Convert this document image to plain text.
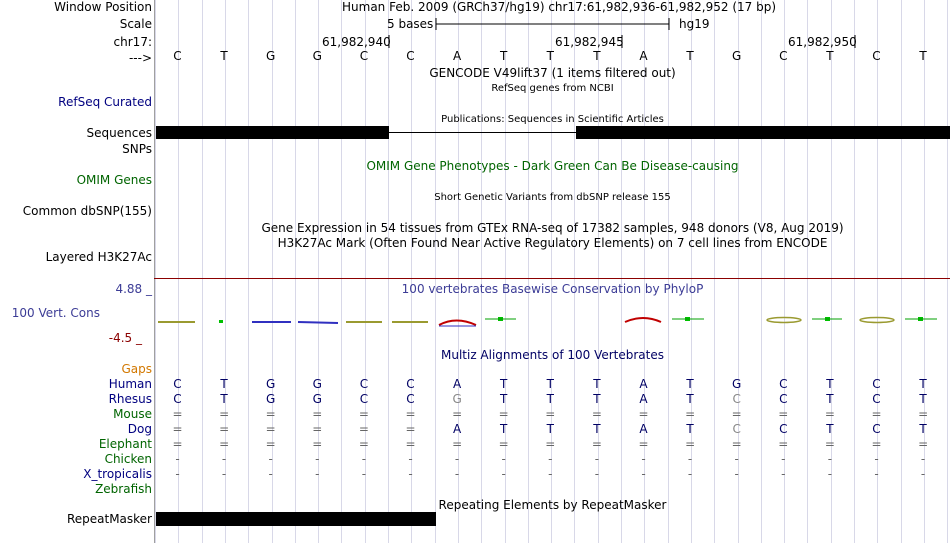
Window Position	Human Feb. 2009 (GRCh37/hg19) chr17:61,982,936-61,982,952 (17 bp)
Scale	5 bases	hg19
chr17:	61,982,940	61,982,945	61,982,950
--->	C	T	G	G	C	C	A	T	T	T	A	T	G	C	T	C	T
GENCODE V49lift37 (1 items filtered out)
RefSeq genes from NCBI
RefSeq Curated
Publications: Sequences in Scientific Articles
Sequences
SNPs
OMIM Gene Phenotypes - Dark Green Can Be Disease-causing
OMIM Genes
Short Genetic Variants from dbSNP release 155
Common dbSNP(155)
Gene Expression in 54 tissues from GTEx RNA-seq of 17382 samples, 948 donors (V8, Aug 2019)
H3K27Ac Mark (Often Found Near Active Regulatory Elements) on 7 cell lines from ENCODE
Layered H3K27Ac
100 vertebrates Basewise Conservation by PhyloP
4.88 _
100 Vert. Cons
-4.5 _
Multiz Alignments of 100 Vertebrates
Gaps
Human	C	T	G	G	C	C	A	T	T	T	A	T	G	C	T	C	T
Rhesus	C	T	G	G	C	C	G	T	T	T	A	T	C	C	T	C	T
Mouse	=	=	=	=	=	=	=	=	=	=	=	=	=	=	=	=	=
Dog	=	=	=	=	=	=	A	T	T	T	A	T	C	C	T	C	T
Elephant	=	=	=	=	=	=	=	=	=	=	=	=	=	=	=	=	=
Chicken	-	-	-	-	-	-	-	-	-	-	-	-	-	-	-	-	-
X_tropicalis	-	-	-	-	-	-	-	-	-	-	-	-	-	-	-	-	-
Zebrafish
Repeating Elements by RepeatMasker
RepeatMasker
